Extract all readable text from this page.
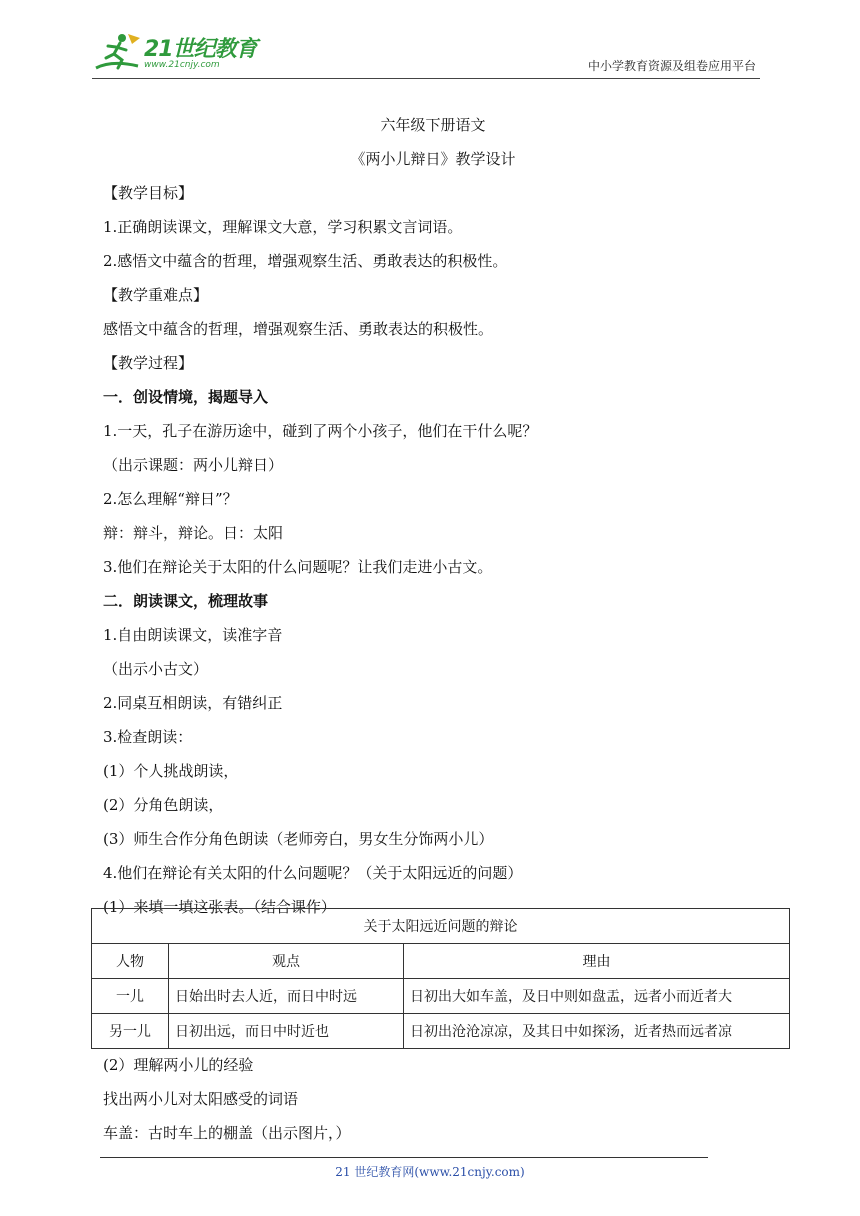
21世纪教育
www.21cnjy.com	中小学教育资源及组卷应用平台
六年级下册语文
《两小儿辩日》教学设计
【教学目标】
1.正确朗读课文，理解课文大意，学习积累文言词语。
2.感悟文中蕴含的哲理，增强观察生活、勇敢表达的积极性。
【教学重难点】
感悟文中蕴含的哲理，增强观察生活、勇敢表达的积极性。
【教学过程】
一．创设情境，揭题导入
1.一天，孔子在游历途中，碰到了两个小孩子，他们在干什么呢？
（出示课题：两小儿辩日）
2.怎么理解“辩日”？
辩：辩斗，辩论。日：太阳
3.他们在辩论关于太阳的什么问题呢？让我们走进小古文。
二．朗读课文，梳理故事
1.自由朗读课文，读准字音
（出示小古文）
2.同桌互相朗读，有错纠正
3.检查朗读：
(1）个人挑战朗读，
(2）分角色朗读，
(3）师生合作分角色朗读（老师旁白，男女生分饰两小儿）
4.他们在辩论有关太阳的什么问题呢？（关于太阳远近的问题）
(1）来填一填这张表。（结合课作）
关于太阳远近问题的辩论		
人物	观点	理由
一儿	日始出时去人近，而日中时远	日初出大如车盖，及日中则如盘盂，远者小而近者大
另一儿	日初出远，而日中时近也	日初出沧沧凉凉，及其日中如探汤，近者热而远者凉
(2）理解两小儿的经验
找出两小儿对太阳感受的词语
车盖：古时车上的棚盖（出示图片，）
21 世纪教育网(www.21cnjy.com)
